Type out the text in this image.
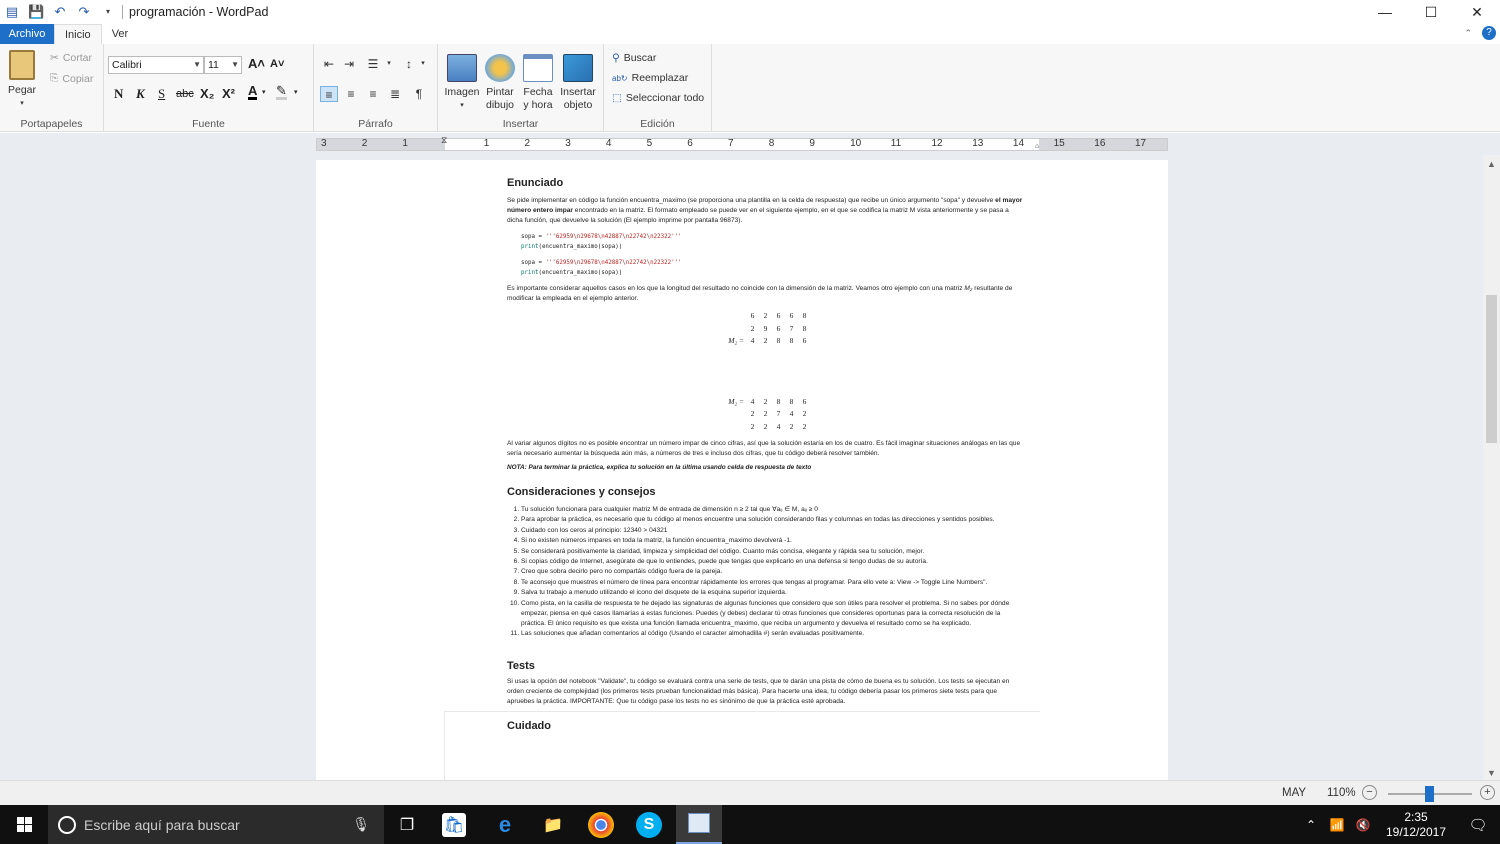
▤ 💾 ↶ ↷	▾	programación - WordPad	—	☐	✕
Archivo	Inicio	Ver	⌃	?
Pegar
▾
✂ Cortar
⎘ Copiar
Portapapeles
Calibri	▼ 11 ▼ A˄ A˅
N K S abc X₂ X² A ▾ ✎ ▾
Fuente
⇤ ⇥	☰	▾	↕	▾
≡	≡	≡	≣	¶
Párrafo
Imagen
▾
Pintar
dibujo
Fecha
y hora
Insertar
objeto
Insertar
⚲ Buscar
ab↻ Reemplazar
⬚ Seleccionar todo
Edición
⧖
⌂
3	2	1	1	2	3	4	5	6	7	8	9	10	11	12	13	14	15	16	17
Enunciado

Se pide implementar en código la función encuentra_maximo (se proporciona una plantilla en la celda de respuesta) que recibe un único argumento "sopa" y devuelve el mayor número entero impar encontrado en la matriz. El formato empleado se puede ver en el siguiente ejemplo, en el que se codifica la matriz M vista anteriormente y se pasa a dicha función, que devuelve la solución (El ejemplo imprime por pantalla 96873).

sopa = '''62959\n29678\n42887\n22742\n22322'''
print(encuentra_maximo(sopa))
sopa = '''62959\n29678\n42887\n22742\n22322'''
print(encuentra_maximo(sopa))

Es importante considerar aquellos casos en los que la longitud del resultado no coincide con la dimensión de la matriz. Veamos otro ejemplo con una matriz M₂ resultante de modificar la empleada en el ejemplo anterior.

6	2	6	6	8
2	9	6	7	8
M₂ = 4	2	8	8	6
M₂ = 4	2	8	8	6
2	2	7	4	2
2	2	4	2	2

Al variar algunos dígitos no es posible encontrar un número impar de cinco cifras, así que la solución estaría en los de cuatro. Es fácil imaginar situaciones análogas en las que sería necesario aumentar la búsqueda aún más, a números de tres e incluso dos cifras, que tu código deberá resolver también.

NOTA: Para terminar la práctica, explica tu solución en la última usando celda de respuesta de texto

Consideraciones y consejos
1. Tu solución funcionara para cualquier matriz M de entrada de dimensión n ≥ 2 tal que ∀aᵢⱼ ∈ M, aᵢⱼ ≥ 0
2. Para aprobar la práctica, es necesario que tu código al menos encuentre una solución considerando filas y columnas en todas las direcciones y sentidos posibles.
3. Cuidado con los ceros al principio: 12340 > 04321
4. Si no existen números impares en toda la matriz, la función encuentra_maximo devolverá -1.
5. Se considerará positivamente la claridad, limpieza y simplicidad del código. Cuanto más concisa, elegante y rápida sea tu solución, mejor.
6. Si copias código de Internet, asegúrate de que lo entiendes, puede que tengas que explicarlo en una defensa si tengo dudas de su autoría.
7. Creo que sobra decirlo pero no compartáis código fuera de la pareja.
8. Te aconsejo que muestres el número de línea para encontrar rápidamente los errores que tengas al programar. Para ello vete a: View -> Toggle Line Numbers".
9. Salva tu trabajo a menudo utilizando el icono del disquete de la esquina superior izquierda.
10. Como pista, en la casilla de respuesta te he dejado las signaturas de algunas funciones que considero que son útiles para resolver el problema. Si no sabes por dónde empezar, piensa en qué casos llamarías a estas funciones. Puedes (y debes) declarar tú otras funciones que consideres oportunas para la correcta resolución de la práctica. El único requisito es que exista una función llamada encuentra_maximo, que reciba un argumento y devuelva el resultado como se ha explicado.
11. Las soluciones que añadan comentarios al código (Usando el caracter almohadilla #) serán evaluadas positivamente.
Tests

Si usas la opción del notebook "Validate", tu código se evaluará contra una serie de tests, que te darán una pista de cómo de buena es tu solución. Los tests se ejecutan en orden creciente de complejidad (los primeros tests prueban funcionalidad más básica). Para hacerte una idea, tu código debería pasar los primeros siete tests para que apruebes la práctica. IMPORTANTE: Que tu código pase los tests no es sinónimo de que la práctica esté aprobada.

Cuidado
▲
▼
MAY 110% −	+
Escribe aquí para buscar	🎙	❐	🛍	e	📁	S	⌃	📶 🔇
2:35
19/12/2017	🗨
